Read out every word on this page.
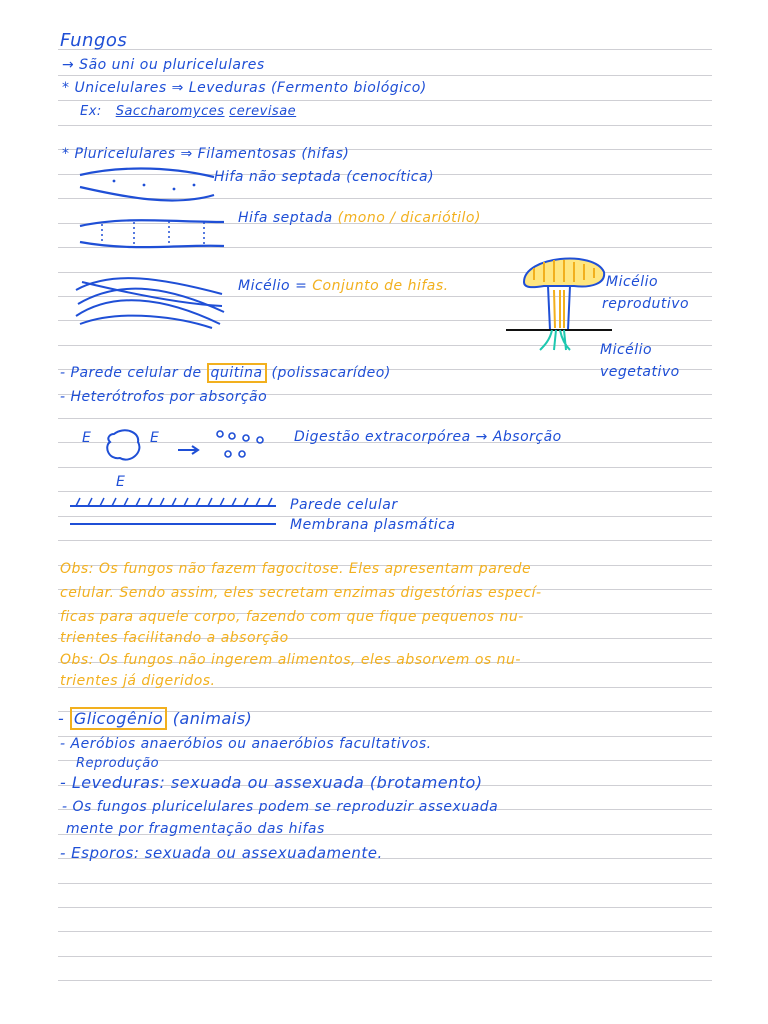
Fungos
→ São uni ou pluricelulares
* Unicelulares ⇒ Leveduras (Fermento biológico)
Ex: Saccharomyces cerevisae
* Pluricelulares ⇒ Filamentosas (hifas)
Hifa não septada (cenocítica)
Hifa septada (mono / dicariótilo)
Micélio = Conjunto de hifas.	Micélio
reprodutivo
Micélio
vegetativo
- Parede celular de quitina (polissacarídeo)
- Heterótrofos por absorção
E	E
E
Digestão extracorpórea → Absorção
Parede celular
Membrana plasmática
Obs: Os fungos não fazem fagocitose. Eles apresentam parede
celular. Sendo assim, eles secretam enzimas digestórias especí-
ficas para aquele corpo, fazendo com que fique pequenos nu-
trientes facilitando a absorção
Obs: Os fungos não ingerem alimentos, eles absorvem os nu-
trientes já digeridos.
- Glicogênio (animais)
- Aeróbios anaeróbios ou anaeróbios facultativos.
Reprodução
- Leveduras: sexuada ou assexuada (brotamento)
- Os fungos pluricelulares podem se reproduzir assexuada
mente por fragmentação das hifas
- Esporos: sexuada ou assexuadamente.
